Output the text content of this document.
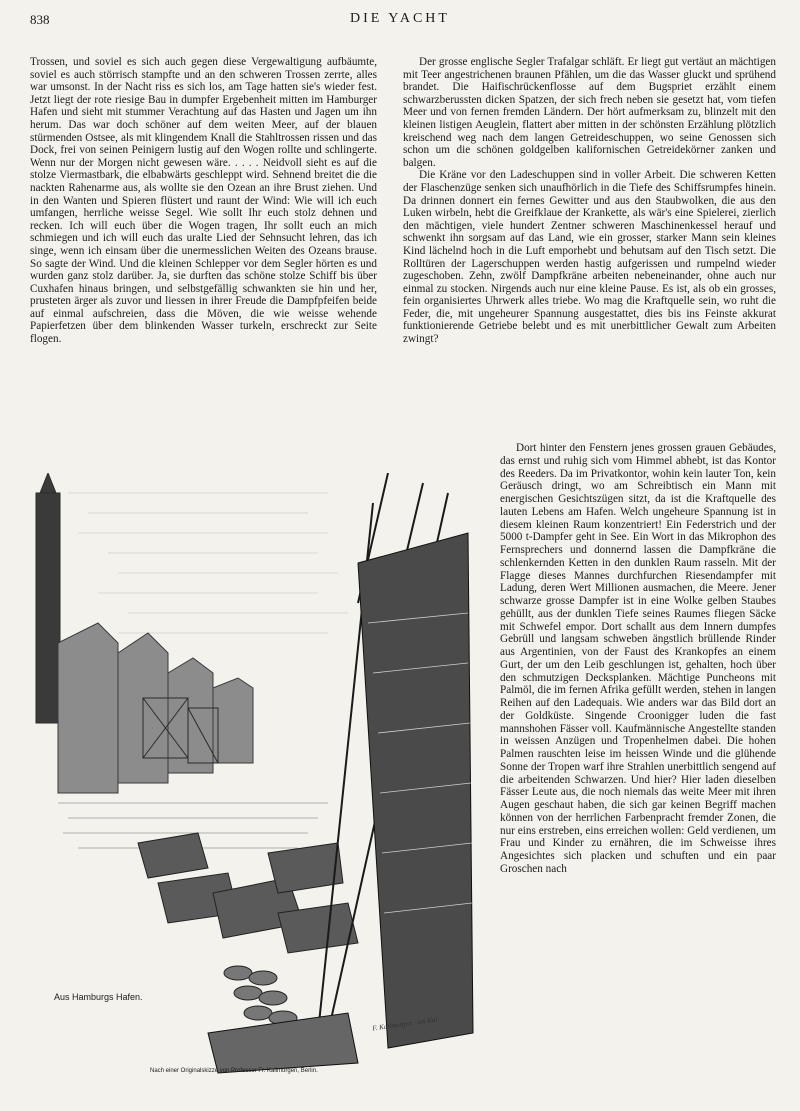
838	DIE YACHT

Trossen, und soviel es sich auch gegen diese Vergewaltigung aufbäumte, soviel es auch störrisch stampfte und an den schweren Trossen zerrte, alles war umsonst. In der Nacht riss es sich los, am Tage hatten sie's wieder fest. Jetzt liegt der rote riesige Bau in dumpfer Ergebenheit mitten im Hamburger Hafen und sieht mit stummer Verachtung auf das Hasten und Jagen um ihn herum. Das war doch schöner auf dem weiten Meer, auf der blauen stürmenden Ostsee, als mit klingendem Knall die Stahltrossen rissen und das Dock, frei von seinen Peinigern lustig auf den Wogen rollte und schlingerte. Wenn nur der Morgen nicht gewesen wäre. . . . . Neidvoll sieht es auf die stolze Viermastbark, die elbabwärts geschleppt wird. Sehnend breitet die die nackten Rahenarme aus, als wollte sie den Ozean an ihre Brust ziehen. Und in den Wanten und Spieren flüstert und raunt der Wind: Wie will ich euch umfangen, herrliche weisse Segel. Wie sollt Ihr euch stolz dehnen und recken. Ich will euch über die Wogen tragen, Ihr sollt euch an mich schmiegen und ich will euch das uralte Lied der Sehnsucht lehren, das ich singe, wenn ich einsam über die unermesslichen Weiten des Ozeans brause. So sagte der Wind. Und die kleinen Schlepper vor dem Segler hörten es und wurden ganz stolz darüber. Ja, sie durften das schöne stolze Schiff bis über Cuxhafen hinaus bringen, und selbstgefällig schwankten sie hin und her, prusteten ärger als zuvor und liessen in ihrer Freude die Dampfpfeifen beide auf einmal aufschreien, dass die Möven, die wie weisse wehende Papierfetzen über dem blinkenden Wasser turkeln, erschreckt zur Seite flogen.

Der grosse englische Segler Trafalgar schläft. Er liegt gut vertäut an mächtigen mit Teer angestrichenen braunen Pfählen, um die das Wasser gluckt und sprühend brandet. Die Haifischrückenflosse auf dem Bugspriet erzählt einem schwarzberussten dicken Spatzen, der sich frech neben sie gesetzt hat, vom tiefen Meer und von fernen fremden Ländern. Der hört aufmerksam zu, blinzelt mit den kleinen listigen Aeuglein, flattert aber mitten in der schönsten Erzählung plötzlich kreischend weg nach dem langen Getreideschuppen, wo seine Genossen sich schon um die schönen goldgelben kalifornischen Getreidekörner zanken und balgen.

Die Kräne vor den Ladeschuppen sind in voller Arbeit. Die schweren Ketten der Flaschenzüge senken sich unaufhörlich in die Tiefe des Schiffsrumpfes hinein. Da drinnen donnert ein fernes Gewitter und aus den Staubwolken, die aus den Luken wirbeln, hebt die Greifklaue der Krankette, als wär's eine Spielerei, zierlich den mächtigen, viele hundert Zentner schweren Maschinenkessel herauf und schwenkt ihn sorgsam auf das Land, wie ein grosser, starker Mann sein kleines Kind lächelnd hoch in die Luft emporhebt und behutsam auf den Tisch setzt. Die Rolltüren der Lagerschuppen werden hastig aufgerissen und rumpelnd wieder zugeschoben. Zehn, zwölf Dampfkräne arbeiten nebeneinander, ohne auch nur einmal zu stocken. Nirgends auch nur eine kleine Pause. Es ist, als ob ein grosses, fein organisiertes Uhrwerk alles triebe. Wo mag die Kraftquelle sein, wo ruht die Feder, die, mit ungeheurer Spannung ausgestattet, dies bis ins Feinste akkurat funktionierende Getriebe belebt und es mit unerbittlicher Gewalt zum Arbeiten zwingt?

Dort hinter den Fenstern jenes grossen grauen Gebäudes, das ernst und ruhig sich vom Himmel abhebt, ist das Kontor des Reeders. Da im Privatkontor, wohin kein lauter Ton, kein Geräusch dringt, wo am Schreibtisch ein Mann mit energischen Gesichtszügen sitzt, da ist die Kraftquelle des lauten Lebens am Hafen. Welch ungeheure Spannung ist in diesem kleinen Raum konzentriert! Ein Federstrich und der 5000 t-Dampfer geht in See. Ein Wort in das Mikrophon des Fernsprechers und donnernd lassen die Dampfkräne die schlenkernden Ketten in den dunklen Raum rasseln. Mit der Flagge dieses Mannes durchfurchen Riesendampfer mit Ladung, deren Wert Millionen ausmachen, die Meere. Jener schwarze grosse Dampfer ist in eine Wolke gelben Staubes gehüllt, aus der dunklen Tiefe seines Raumes fliegen Säcke mit Schwefel empor. Dort schallt aus dem Innern dumpfes Gebrüll und langsam schweben ängstlich brüllende Rinder aus Argentinien, von der Faust des Krankopfes an einem Gurt, der um den Leib geschlungen ist, gehalten, hoch über den schmutzigen Decksplanken. Mächtige Puncheons mit Palmöl, die im fernen Afrika gefüllt werden, stehen in langen Reihen auf den Ladequais. Wie anders war das Bild dort an der Goldküste. Singende Croonigger luden die fast mannshohen Fässer voll. Kaufmännische Angestellte standen in weissen Anzügen und Tropenhelmen dabei. Die hohen Palmen rauschten leise im heissen Winde und die glühende Sonne der Tropen warf ihre Strahlen unerbittlich sengend auf die arbeitenden Schwarzen. Und hier? Hier laden dieselben Fässer Leute aus, die noch niemals das weite Meer mit ihren Augen geschaut haben, die sich gar keinen Begriff machen können von der herrlichen Farbenpracht fremder Zonen, die nur eins erstreben, eins erreichen wollen: Geld verdienen, um Frau und Kinder zu ernähren, die im Schweisse ihres Angesichtes sich placken und schuften und ein paar Groschen nach

Aus Hamburgs Hafen.
F. Kallmorgen · am Kai
Nach einer Originalskizze von Professor Fr. Kallmorgen, Berlin.
